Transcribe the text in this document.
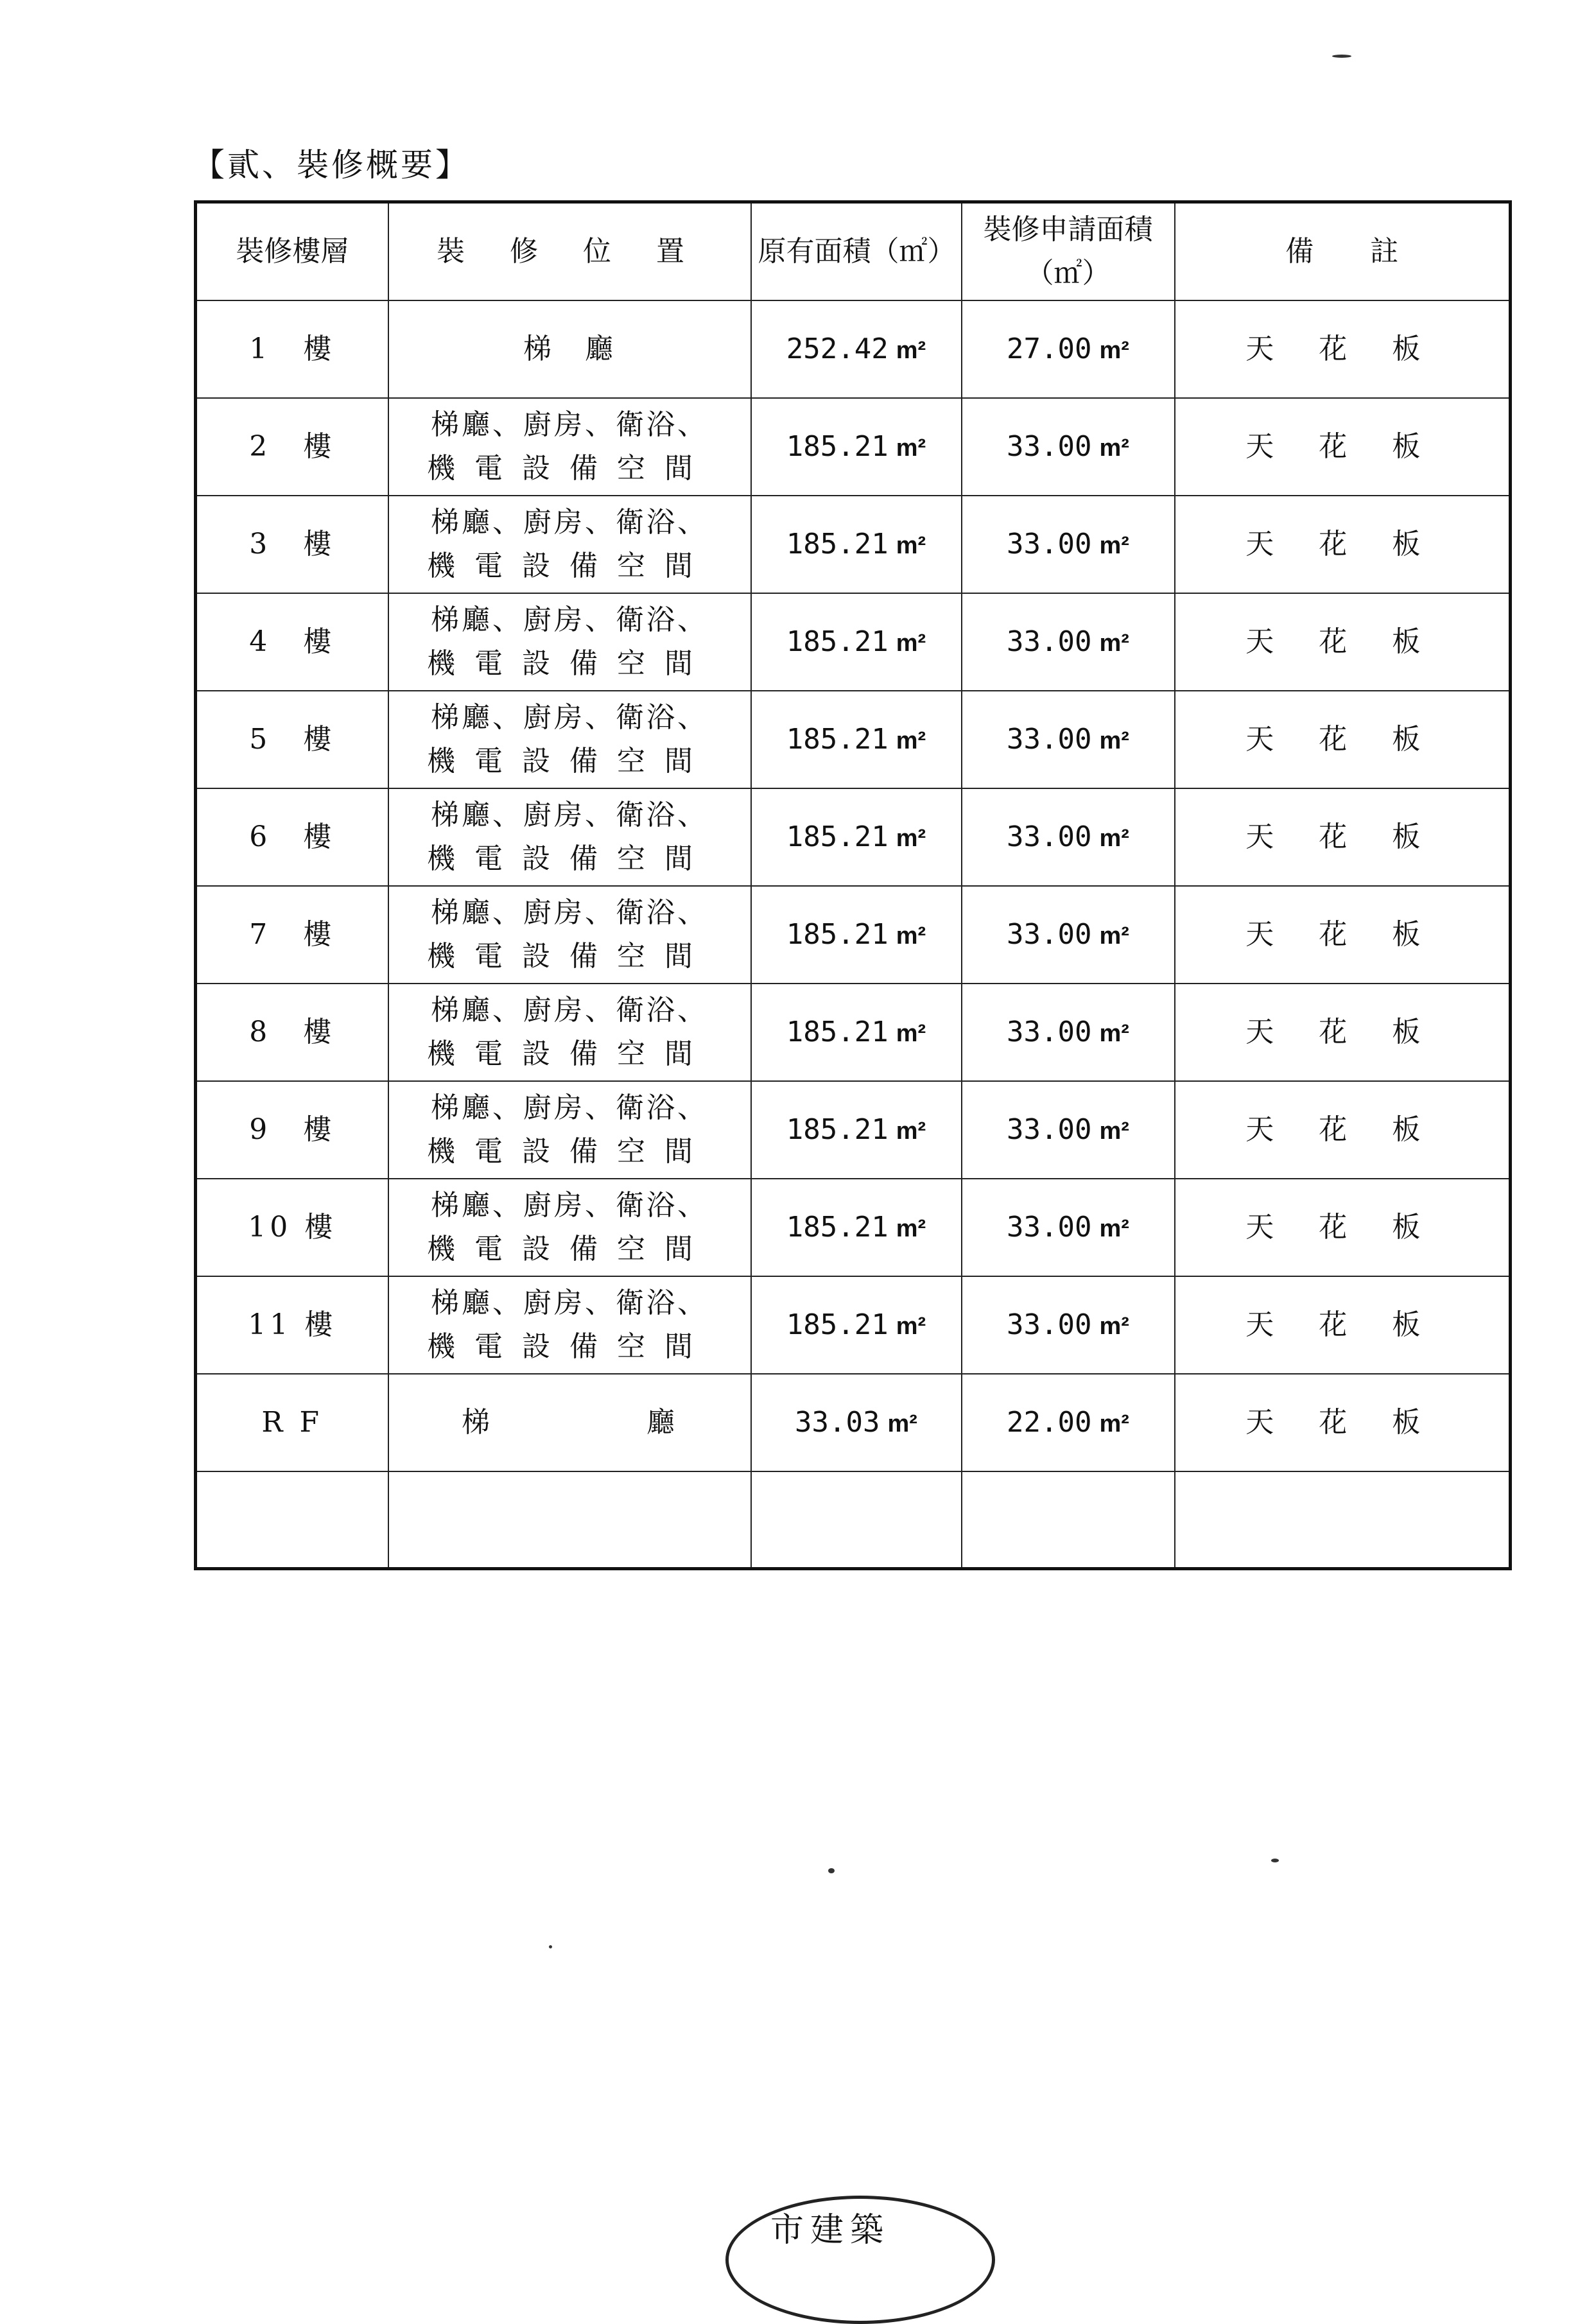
【貳、裝修概要】
裝修樓層	裝 修 位 置	原有面積（㎡）	裝修申請面積（㎡）	備　　註
1　樓	梯　廳	252.42 m²	27.00 m²	天 花 板
2　樓	梯廳、廚房、衛浴、
機電設備空間	185.21 m²	33.00 m²	天 花 板
3　樓	梯廳、廚房、衛浴、
機電設備空間	185.21 m²	33.00 m²	天 花 板
4　樓	梯廳、廚房、衛浴、
機電設備空間	185.21 m²	33.00 m²	天 花 板
5　樓	梯廳、廚房、衛浴、
機電設備空間	185.21 m²	33.00 m²	天 花 板
6　樓	梯廳、廚房、衛浴、
機電設備空間	185.21 m²	33.00 m²	天 花 板
7　樓	梯廳、廚房、衛浴、
機電設備空間	185.21 m²	33.00 m²	天 花 板
8　樓	梯廳、廚房、衛浴、
機電設備空間	185.21 m²	33.00 m²	天 花 板
9　樓	梯廳、廚房、衛浴、
機電設備空間	185.21 m²	33.00 m²	天 花 板
10 樓	梯廳、廚房、衛浴、
機電設備空間	185.21 m²	33.00 m²	天 花 板
11 樓	梯廳、廚房、衛浴、
機電設備空間	185.21 m²	33.00 m²	天 花 板
R F	梯　　　　　廳	33.03 m²	22.00 m²	天 花 板

市建築
